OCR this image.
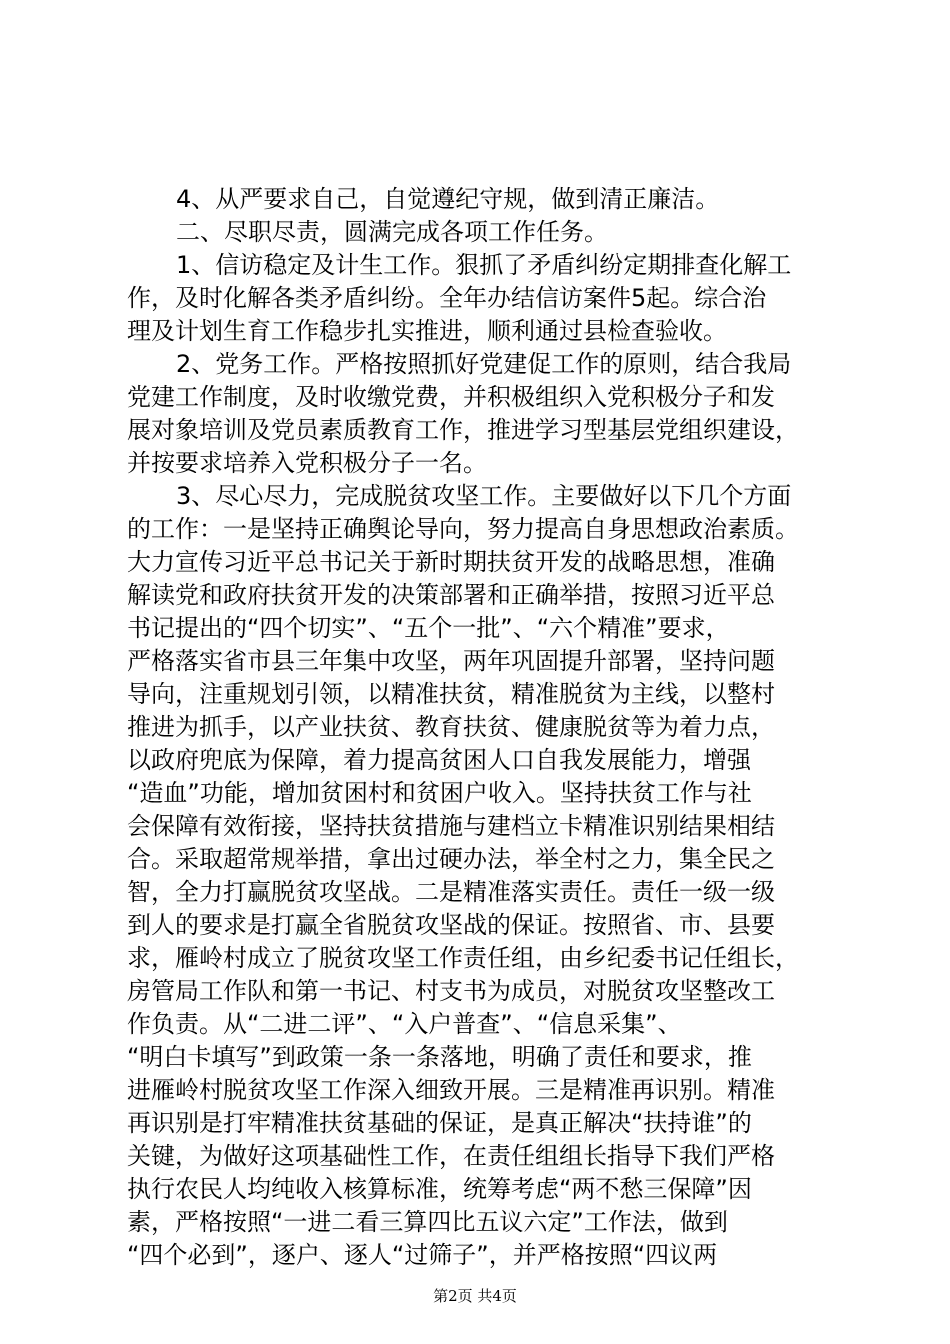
4、从严要求自己，自觉遵纪守规，做到清正廉洁。
二、尽职尽责，圆满完成各项工作任务。
1、信访稳定及计生工作。狠抓了矛盾纠纷定期排查化解工
作，及时化解各类矛盾纠纷。全年办结信访案件5起。综合治
理及计划生育工作稳步扎实推进，顺利通过县检查验收。
2、党务工作。严格按照抓好党建促工作的原则，结合我局
党建工作制度，及时收缴党费，并积极组织入党积极分子和发
展对象培训及党员素质教育工作，推进学习型基层党组织建设，
并按要求培养入党积极分子一名。
3、尽心尽力，完成脱贫攻坚工作。主要做好以下几个方面
的工作：一是坚持正确舆论导向，努力提高自身思想政治素质。
大力宣传习近平总书记关于新时期扶贫开发的战略思想，准确
解读党和政府扶贫开发的决策部署和正确举措，按照习近平总
书记提出的“四个切实”、“五个一批”、“六个精准”要求，
严格落实省市县三年集中攻坚，两年巩固提升部署，坚持问题
导向，注重规划引领，以精准扶贫，精准脱贫为主线，以整村
推进为抓手，以产业扶贫、教育扶贫、健康脱贫等为着力点，
以政府兜底为保障，着力提高贫困人口自我发展能力，增强
“造血”功能，增加贫困村和贫困户收入。坚持扶贫工作与社
会保障有效衔接，坚持扶贫措施与建档立卡精准识别结果相结
合。采取超常规举措，拿出过硬办法，举全村之力，集全民之
智，全力打赢脱贫攻坚战。二是精准落实责任。责任一级一级
到人的要求是打赢全省脱贫攻坚战的保证。按照省、市、县要
求，雁岭村成立了脱贫攻坚工作责任组，由乡纪委书记任组长，
房管局工作队和第一书记、村支书为成员，对脱贫攻坚整改工
作负责。从“二进二评”、“入户普查”、“信息采集”、
“明白卡填写”到政策一条一条落地，明确了责任和要求，推
进雁岭村脱贫攻坚工作深入细致开展。三是精准再识别。精准
再识别是打牢精准扶贫基础的保证，是真正解决“扶持谁”的
关键，为做好这项基础性工作，在责任组组长指导下我们严格
执行农民人均纯收入核算标准，统筹考虑“两不愁三保障”因
素，严格按照“一进二看三算四比五议六定”工作法，做到
“四个必到”，逐户、逐人“过筛子”，并严格按照“四议两
第2页 共4页
